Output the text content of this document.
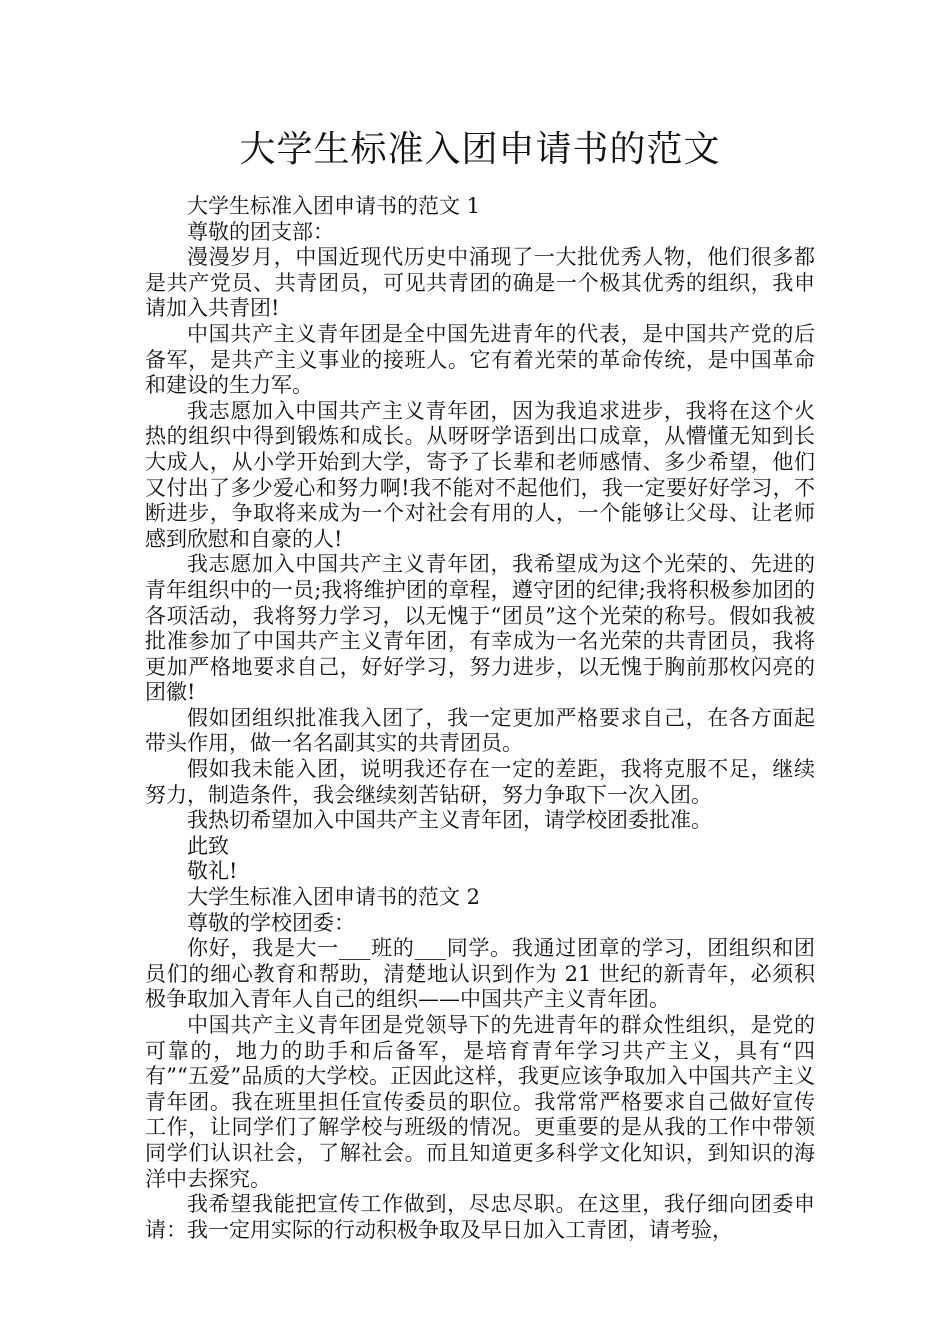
大学生标准入团申请书的范文

大学生标准入团申请书的范文 1

尊敬的团支部：

漫漫岁月，中国近现代历史中涌现了一大批优秀人物，他们很多都是共产党员、共青团员，可见共青团的确是一个极其优秀的组织，我申请加入共青团!

中国共产主义青年团是全中国先进青年的代表，是中国共产党的后备军，是共产主义事业的接班人。它有着光荣的革命传统，是中国革命和建设的生力军。

我志愿加入中国共产主义青年团，因为我追求进步，我将在这个火热的组织中得到锻炼和成长。从呀呀学语到出口成章，从懵懂无知到长大成人，从小学开始到大学，寄予了长辈和老师感情、多少希望，他们又付出了多少爱心和努力啊!我不能对不起他们，我一定要好好学习，不断进步，争取将来成为一个对社会有用的人，一个能够让父母、让老师感到欣慰和自豪的人!

我志愿加入中国共产主义青年团，我希望成为这个光荣的、先进的青年组织中的一员;我将维护团的章程，遵守团的纪律;我将积极参加团的各项活动，我将努力学习，以无愧于“团员”这个光荣的称号。假如我被批准参加了中国共产主义青年团，有幸成为一名光荣的共青团员，我将更加严格地要求自己，好好学习，努力进步，以无愧于胸前那枚闪亮的团徽!

假如团组织批准我入团了，我一定更加严格要求自己，在各方面起带头作用，做一名名副其实的共青团员。

假如我未能入团，说明我还存在一定的差距，我将克服不足，继续努力，制造条件，我会继续刻苦钻研，努力争取下一次入团。

我热切希望加入中国共产主义青年团，请学校团委批准。

此致

敬礼!

大学生标准入团申请书的范文 2

尊敬的学校团委：

你好，我是大一___班的___同学。我通过团章的学习，团组织和团员们的细心教育和帮助，清楚地认识到作为 21 世纪的新青年，必须积极争取加入青年人自己的组织——中国共产主义青年团。

中国共产主义青年团是党领导下的先进青年的群众性组织，是党的可靠的，地力的助手和后备军，是培育青年学习共产主义，具有“四有”“五爱”品质的大学校。正因此这样，我更应该争取加入中国共产主义青年团。我在班里担任宣传委员的职位。我常常严格要求自己做好宣传工作，让同学们了解学校与班级的情况。更重要的是从我的工作中带领同学们认识社会，了解社会。而且知道更多科学文化知识，到知识的海洋中去探究。

我希望我能把宣传工作做到，尽忠尽职。在这里，我仔细向团委申请：我一定用实际的行动积极争取及早日加入工青团，请考验，
